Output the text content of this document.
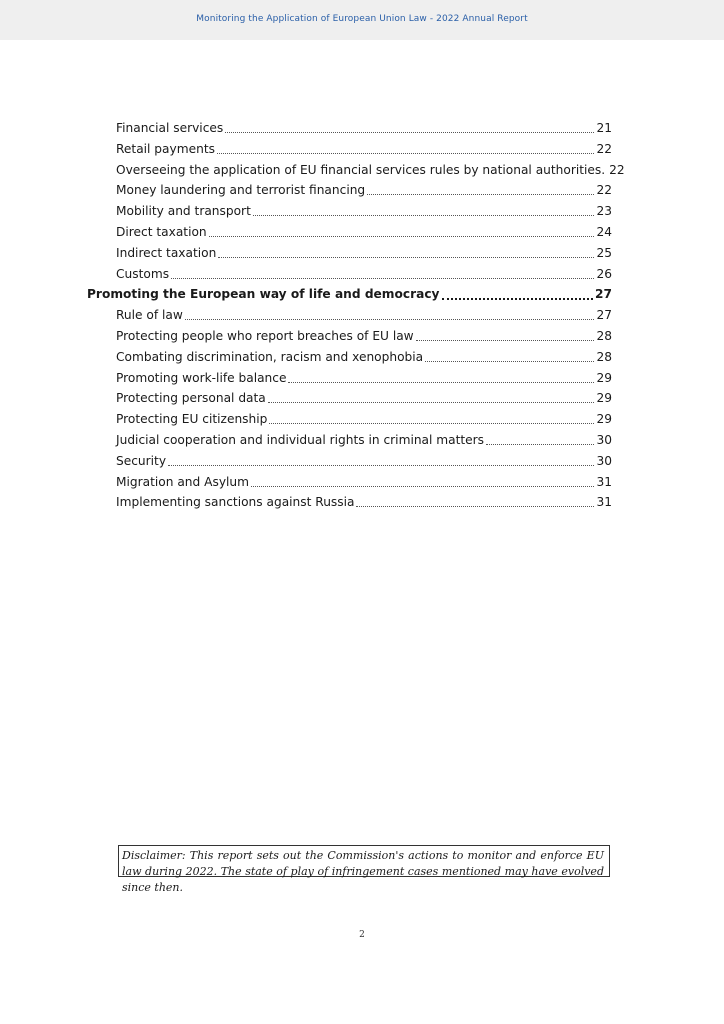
Monitoring the Application of European Union Law - 2022 Annual Report
Financial services	21
Retail payments	22
Overseeing the application of EU financial services rules by national authorities. 22
Money laundering and terrorist financing	22
Mobility and transport	23
Direct taxation	24
Indirect taxation	25
Customs	26
Promoting the European way of life and democracy	27
Rule of law	27
Protecting people who report breaches of EU law	28
Combating discrimination, racism and xenophobia	28
Promoting work-life balance	29
Protecting personal data	29
Protecting EU citizenship	29
Judicial cooperation and individual rights in criminal matters	30
Security	30
Migration and Asylum	31
Implementing sanctions against Russia	31
Disclaimer: This report sets out the Commission's actions to monitor and enforce EU law during 2022. The state of play of infringement cases mentioned may have evolved since then.
2
